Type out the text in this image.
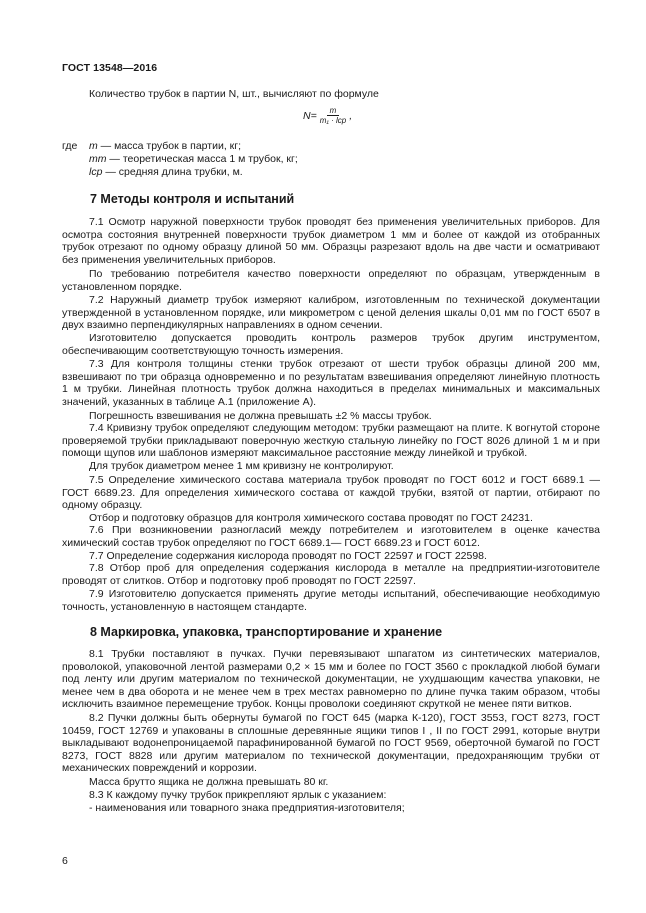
ГОСТ 13548—2016
Количество трубок в партии N, шт., вычисляют по формуле
$N= \frac{m}{\text{m₁ · lср}}$ ,
где m — масса трубок в партии, кг;
mт — теоретическая масса 1 м трубок, кг;
lср — средняя длина трубки, м.
7 Методы контроля и испытаний
7.1 Осмотр наружной поверхности трубок проводят без применения увеличительных приборов. Для осмотра состояния внутренней поверхности трубок диаметром 1 мм и более от каждой из отобранных трубок отрезают по одному образцу длиной 50 мм. Образцы разрезают вдоль на две части и осматривают без применения увеличительных приборов.
По требованию потребителя качество поверхности определяют по образцам, утвержденным в установленном порядке.
7.2 Наружный диаметр трубок измеряют калибром, изготовленным по технической документации утвержденной в установленном порядке, или микрометром с ценой деления шкалы 0,01 мм по ГОСТ 6507 в двух взаимно перпендикулярных направлениях в одном сечении.
Изготовителю допускается проводить контроль размеров трубок другим инструментом, обеспечивающим соответствующую точность измерения.
7.3 Для контроля толщины стенки трубок отрезают от шести трубок образцы длиной 200 мм, взвешивают по три образца одновременно и по результатам взвешивания определяют линейную плотность 1 м трубки. Линейная плотность трубок должна находиться в пределах минимальных и максимальных значений, указанных в таблице А.1 (приложение А).
Погрешность взвешивания не должна превышать ±2 % массы трубок.
7.4 Кривизну трубок определяют следующим методом: трубки размещают на плите. К вогнутой стороне проверяемой трубки прикладывают поверочную жесткую стальную линейку по ГОСТ 8026 длиной 1 м и при помощи щупов или шаблонов измеряют максимальное расстояние между линейкой и трубкой.
Для трубок диаметром менее 1 мм кривизну не контролируют.
7.5 Определение химического состава материала трубок проводят по ГОСТ 6012 и ГОСТ 6689.1 — ГОСТ 6689.23. Для определения химического состава от каждой трубки, взятой от партии, отбирают по одному образцу.
Отбор и подготовку образцов для контроля химического состава проводят по ГОСТ 24231.
7.6 При возникновении разногласий между потребителем и изготовителем в оценке качества химический состав трубок определяют по ГОСТ 6689.1— ГОСТ 6689.23 и ГОСТ 6012.
7.7 Определение содержания кислорода проводят по ГОСТ 22597 и ГОСТ 22598.
7.8 Отбор проб для определения содержания кислорода в металле на предприятии-изготовителе проводят от слитков. Отбор и подготовку проб проводят по ГОСТ 22597.
7.9 Изготовителю допускается применять другие методы испытаний, обеспечивающие необходимую точность, установленную в настоящем стандарте.
8 Маркировка, упаковка, транспортирование и хранение
8.1 Трубки поставляют в пучках. Пучки перевязывают шпагатом из синтетических материалов, проволокой, упаковочной лентой размерами 0,2 × 15 мм и более по ГОСТ 3560 с прокладкой любой бумаги под ленту или другим материалом по технической документации, не ухудшающим качества упаковки, не менее чем в два оборота и не менее чем в трех местах равномерно по длине пучка таким образом, чтобы исключить взаимное перемещение трубок. Концы проволоки соединяют скруткой не менее пяти витков.
8.2 Пучки должны быть обернуты бумагой по ГОСТ 645 (марка К-120), ГОСТ 3553, ГОСТ 8273, ГОСТ 10459, ГОСТ 12769 и упакованы в сплошные деревянные ящики типов I , II по ГОСТ 2991, которые внутри выкладывают водонепроницаемой парафинированной бумагой по ГОСТ 9569, оберточной бумагой по ГОСТ 8273, ГОСТ 8828 или другим материалом по технической документации, предохраняющим трубки от механических повреждений и коррозии.
Масса брутто ящика не должна превышать 80 кг.
8.3 К каждому пучку трубок прикрепляют ярлык с указанием:
- наименования или товарного знака предприятия-изготовителя;
6
